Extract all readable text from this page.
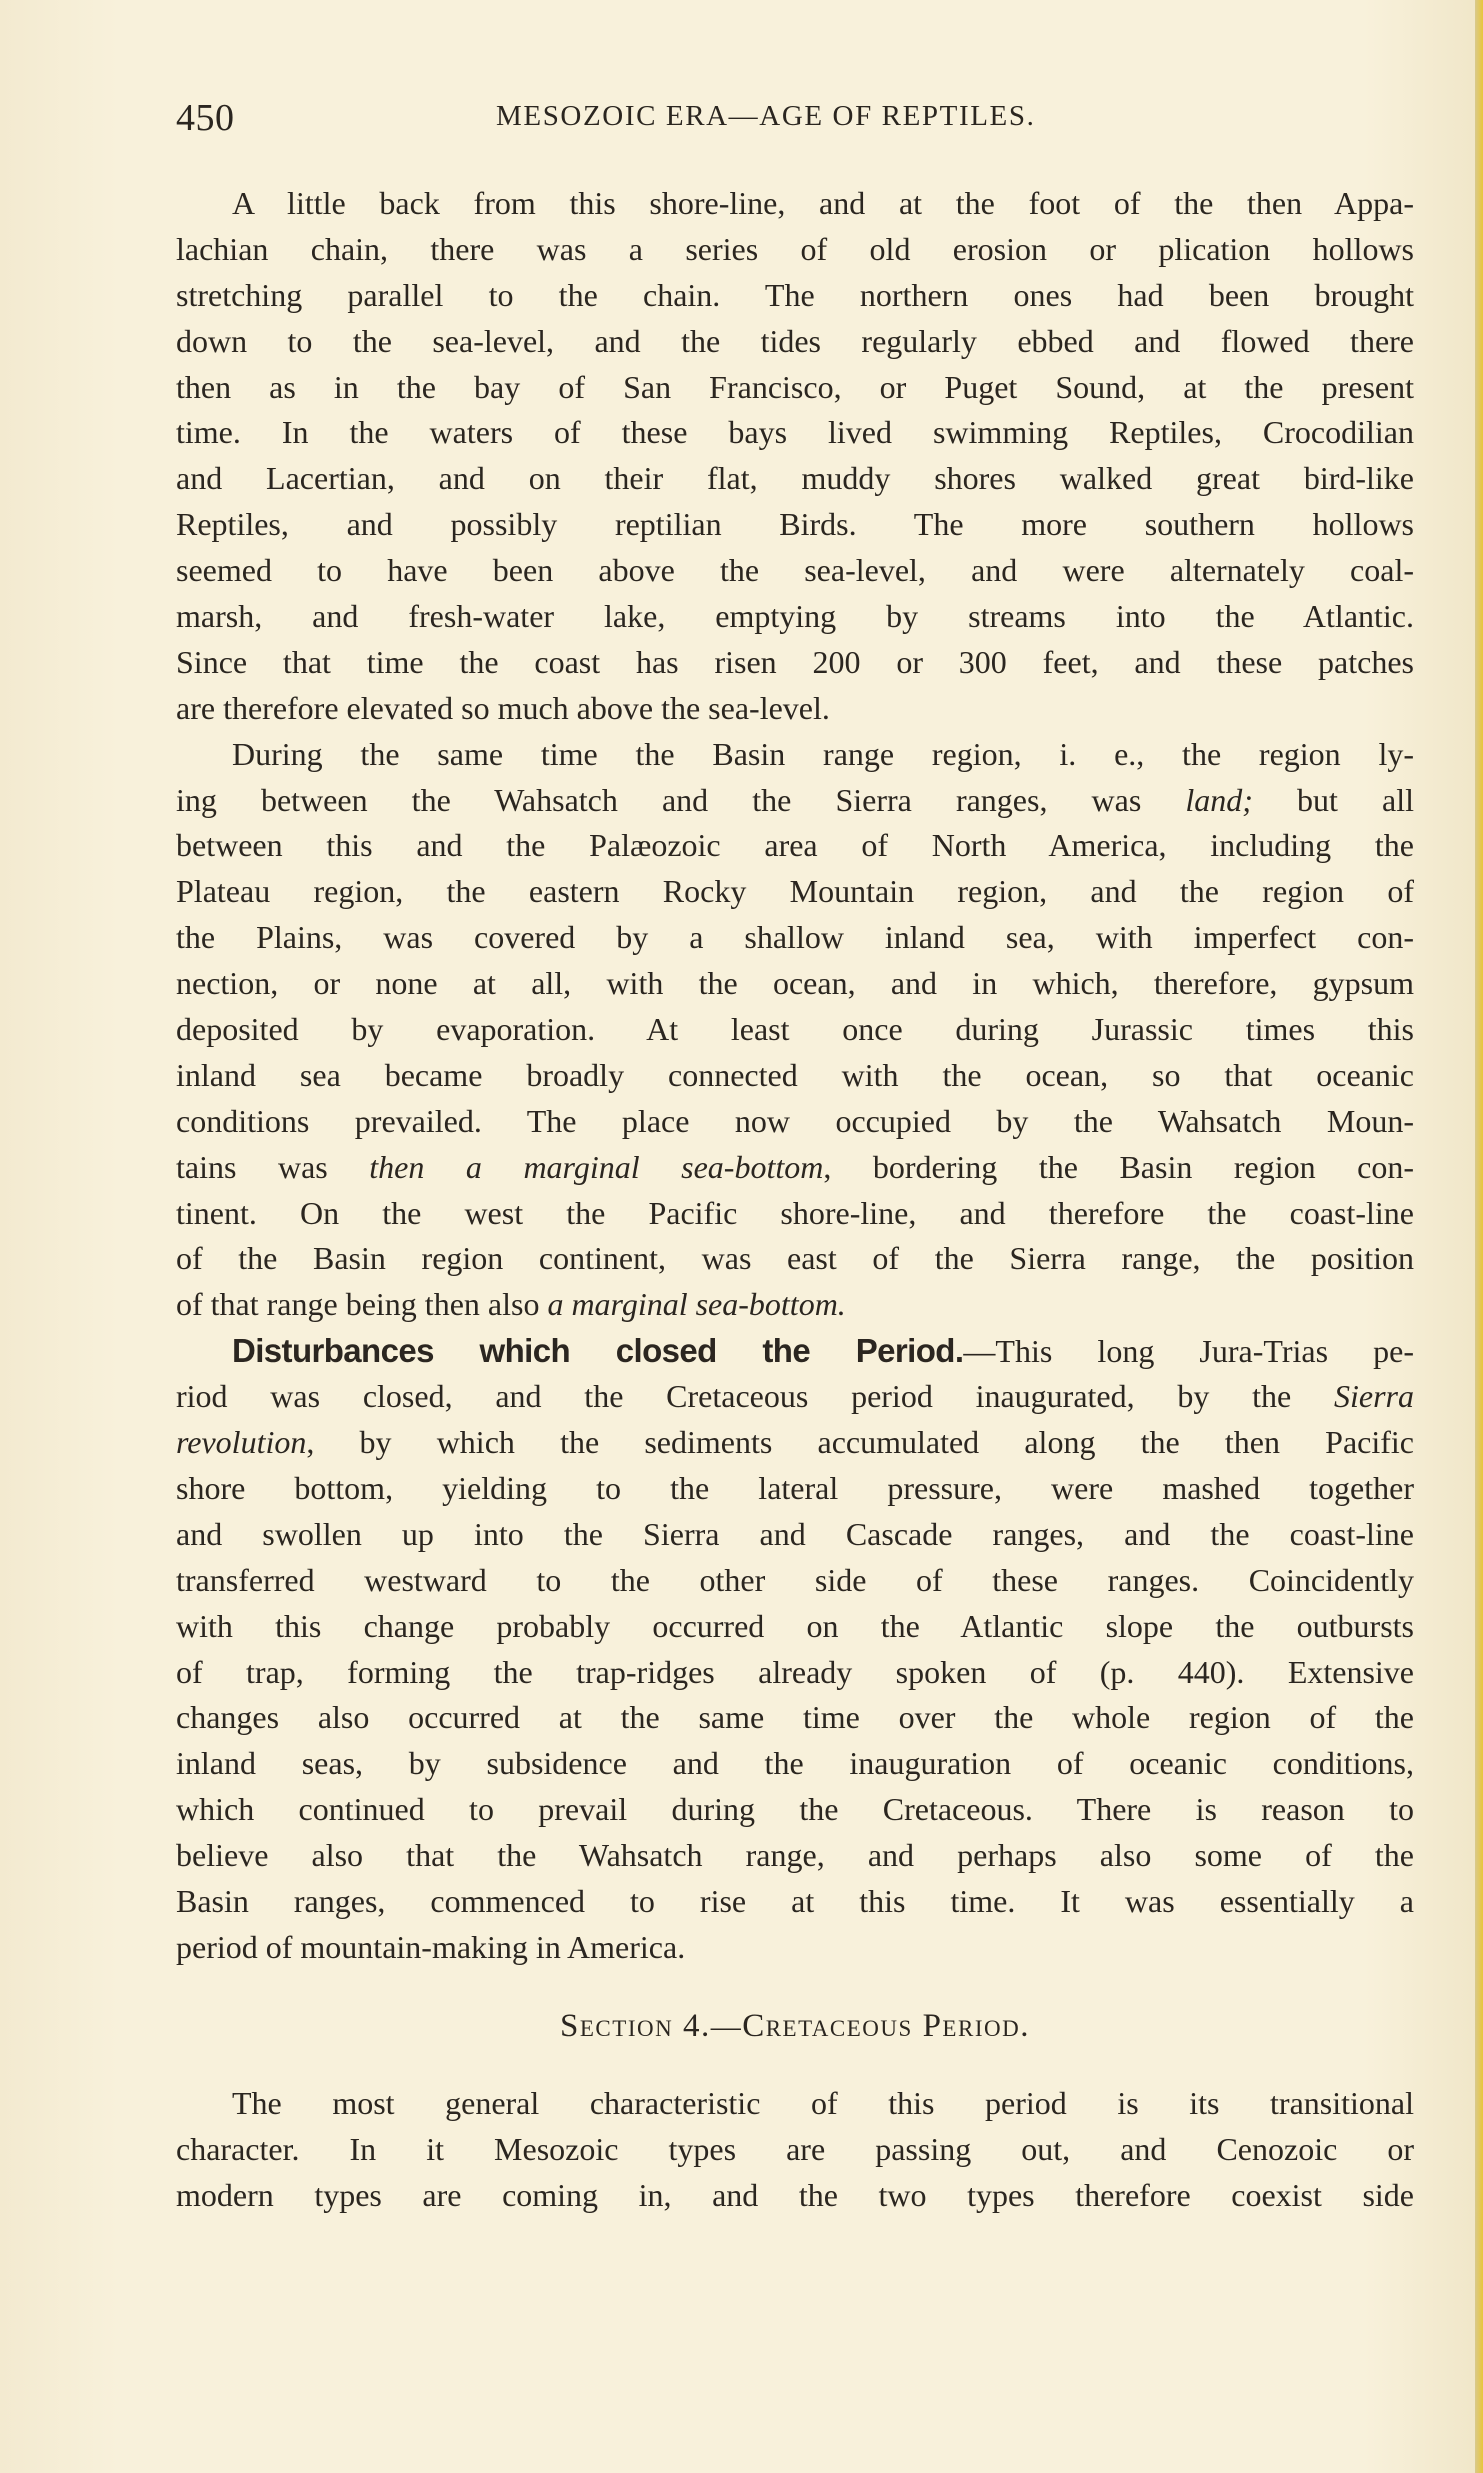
450	MESOZOIC ERA—AGE OF REPTILES.
A little back from this shore-line, and at the foot of the then Appa-
lachian chain, there was a series of old erosion or plication hollows
stretching parallel to the chain. The northern ones had been brought
down to the sea-level, and the tides regularly ebbed and flowed there
then as in the bay of San Francisco, or Puget Sound, at the present
time. In the waters of these bays lived swimming Reptiles, Crocodilian
and Lacertian, and on their flat, muddy shores walked great bird-like
Reptiles, and possibly reptilian Birds. The more southern hollows
seemed to have been above the sea-level, and were alternately coal-
marsh, and fresh-water lake, emptying by streams into the Atlantic.
Since that time the coast has risen 200 or 300 feet, and these patches
are therefore elevated so much above the sea-level.
During the same time the Basin range region, i. e., the region ly-
ing between the Wahsatch and the Sierra ranges, was land; but all
between this and the Palæozoic area of North America, including the
Plateau region, the eastern Rocky Mountain region, and the region of
the Plains, was covered by a shallow inland sea, with imperfect con-
nection, or none at all, with the ocean, and in which, therefore, gypsum
deposited by evaporation. At least once during Jurassic times this
inland sea became broadly connected with the ocean, so that oceanic
conditions prevailed. The place now occupied by the Wahsatch Moun-
tains was then a marginal sea-bottom, bordering the Basin region con-
tinent. On the west the Pacific shore-line, and therefore the coast-line
of the Basin region continent, was east of the Sierra range, the position
of that range being then also a marginal sea-bottom.
Disturbances which closed the Period.—This long Jura-Trias pe-
riod was closed, and the Cretaceous period inaugurated, by the Sierra
revolution, by which the sediments accumulated along the then Pacific
shore bottom, yielding to the lateral pressure, were mashed together
and swollen up into the Sierra and Cascade ranges, and the coast-line
transferred westward to the other side of these ranges. Coincidently
with this change probably occurred on the Atlantic slope the outbursts
of trap, forming the trap-ridges already spoken of (p. 440). Extensive
changes also occurred at the same time over the whole region of the
inland seas, by subsidence and the inauguration of oceanic conditions,
which continued to prevail during the Cretaceous. There is reason to
believe also that the Wahsatch range, and perhaps also some of the
Basin ranges, commenced to rise at this time. It was essentially a
period of mountain-making in America.
Section 4.—Cretaceous Period.
The most general characteristic of this period is its transitional
character. In it Mesozoic types are passing out, and Cenozoic or
modern types are coming in, and the two types therefore coexist side
